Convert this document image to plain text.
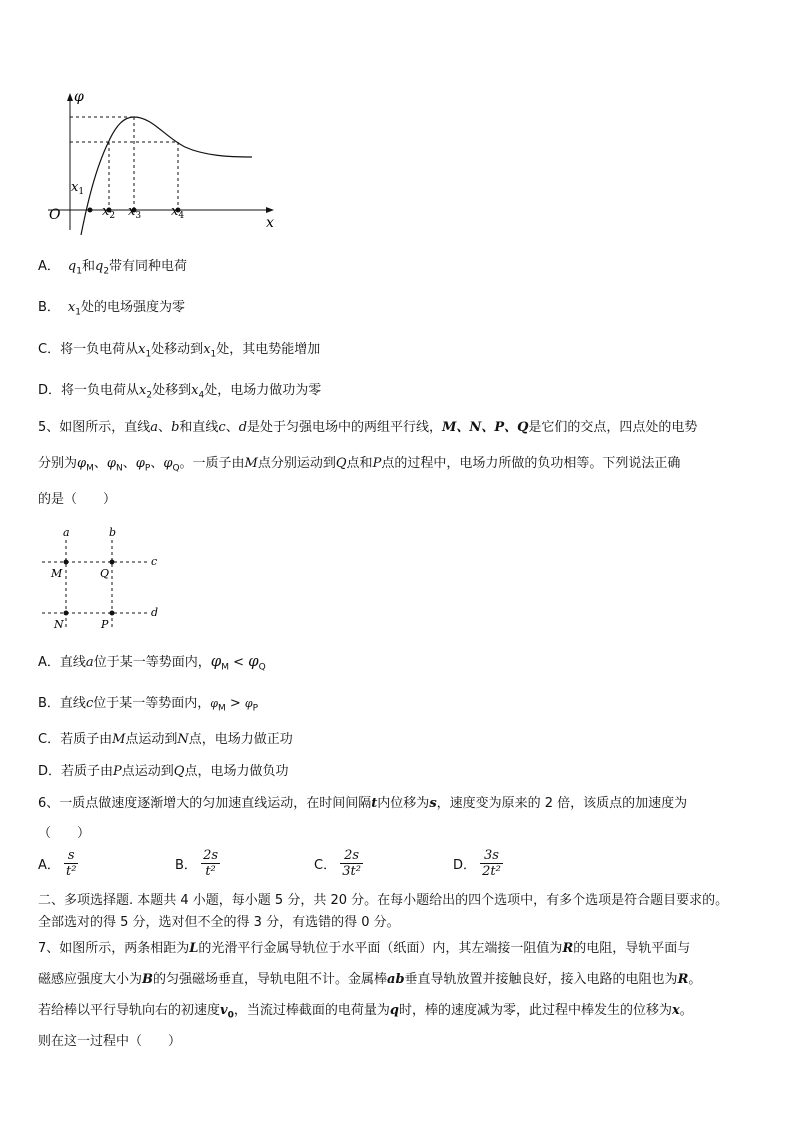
φ
x
O
$x_1$
$x_2$ $x_3$ $x_4$
A． $q_1$和$q_2$带有同种电荷
B． $x_1$处的电场强度为零
C．将一负电荷从$x_1$处移动到$x_1$处，其电势能增加
D．将一负电荷从$x_2$处移到$x_4$处，电场力做功为零
5、如图所示，直线a、b和直线c、d是处于匀强电场中的两组平行线，M、N、P、Q是它们的交点，四点处的电势
分别为$\varphi_M$、$\varphi_N$、$\varphi_P$、$\varphi_Q$。一质子由M点分别运动到Q点和P点的过程中，电场力所做的负功相等。下列说法正确
的是（　　）
a	b
c
d
M	Q
N	P
A．直线a位于某一等势面内，$\varphi_M < \varphi_Q$
B．直线c位于某一等势面内，$\varphi_M > \varphi_P$
C．若质子由M点运动到N点，电场力做正功
D．若质子由P点运动到Q点，电场力做负功
6、一质点做速度逐渐增大的匀加速直线运动，在时间间隔t内位移为s，速度变为原来的 2 倍，该质点的加速度为
（　　）
A． $\frac{s}{\text{t²}}$	B． $\frac{2s}{\text{t²}}$	C． $\frac{2s}{\text{3t²}}$	D． $\frac{3s}{\text{2t²}}$
二、多项选择题. 本题共 4 小题，每小题 5 分，共 20 分。在每小题给出的四个选项中，有多个选项是符合题目要求的。
全部选对的得 5 分，选对但不全的得 3 分，有选错的得 0 分。
7、如图所示，两条相距为L的光滑平行金属导轨位于水平面（纸面）内，其左端接一阻值为R的电阻，导轨平面与
磁感应强度大小为B的匀强磁场垂直，导轨电阻不计。金属棒ab垂直导轨放置并接触良好，接入电路的电阻也为R。
若给棒以平行导轨向右的初速度$v_0$，当流过棒截面的电荷量为q时，棒的速度减为零，此过程中棒发生的位移为x。
则在这一过程中（　　）
